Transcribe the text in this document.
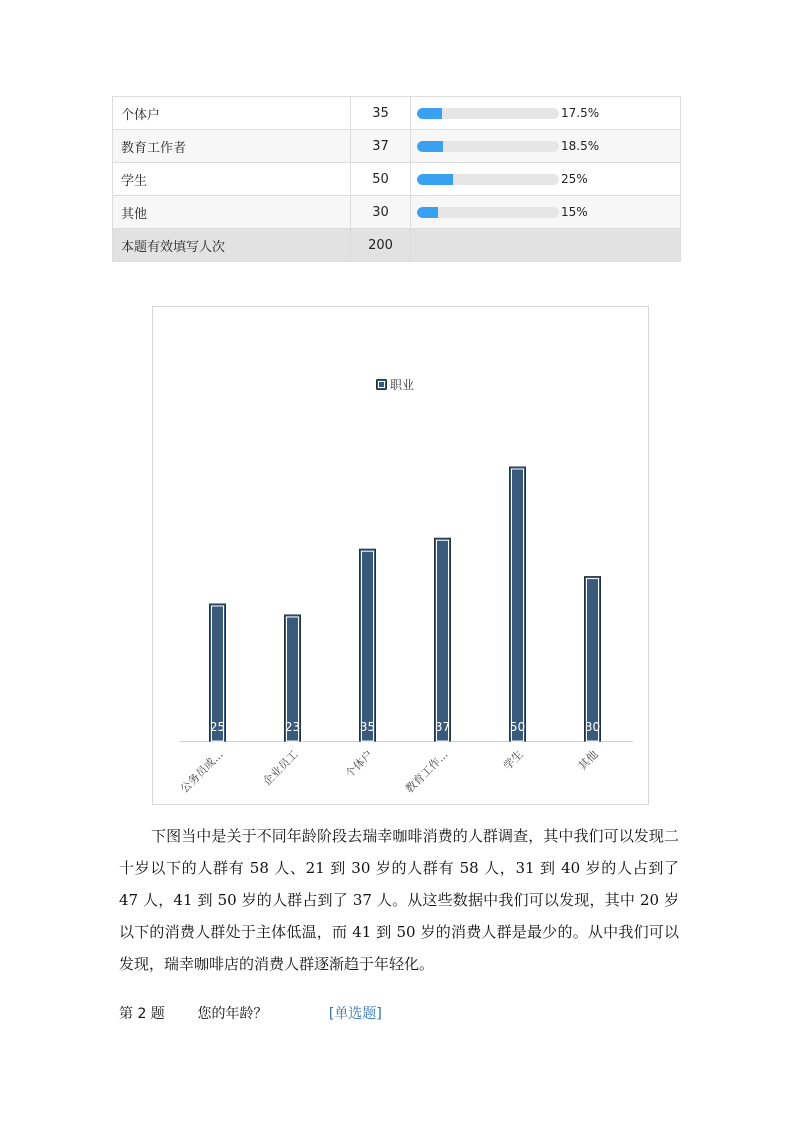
个体户	35	17.5%

教育工作者	37	18.5%

学生	50	25%

其他	30	15%

本题有效填写人次	200	
职业
25
公务员或...
23
企业员工
35
个体户
37
教育工作...
50
学生
30
其他

下图当中是关于不同年龄阶段去瑞幸咖啡消费的人群调查，其中我们可以发现二十岁以下的人群有 58 人、21 到 30 岁的人群有 58 人，31 到 40 岁的人占到了 47 人，41 到 50 岁的人群占到了 37 人。从这些数据中我们可以发现，其中 20 岁以下的消费人群处于主体低温，而 41 到 50 岁的消费人群是最少的。从中我们可以发现，瑞幸咖啡店的消费人群逐渐趋于年轻化。

第 2 题 您的年龄？	[单选题]
